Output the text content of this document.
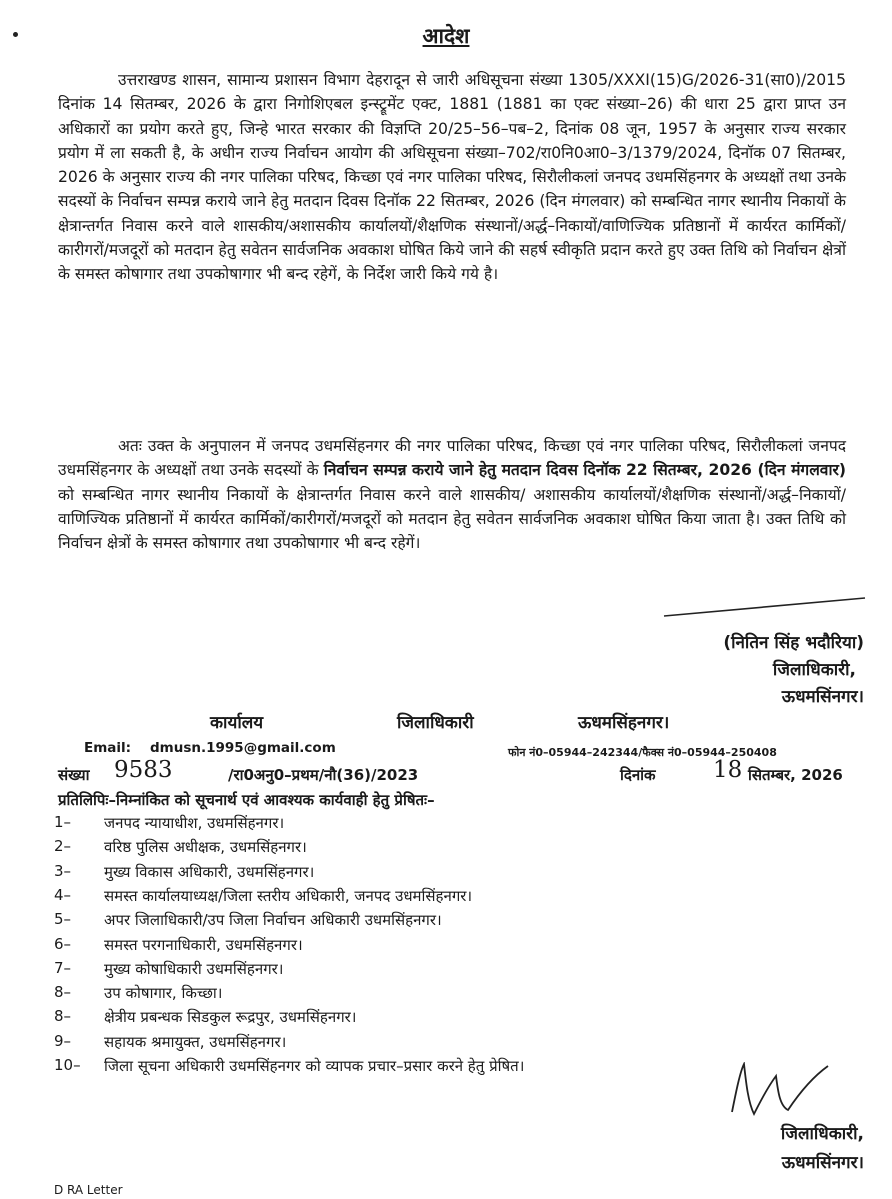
आदेश
उत्तराखण्ड शासन, सामान्य प्रशासन विभाग देहरादून से जारी अधिसूचना संख्या 1305/XXXI(15)G/2026-31(सा0)/2015 दिनांक 14 सितम्बर, 2026 के द्वारा निगोशिएबल इन्स्ट्रूमेंट एक्ट, 1881 (1881 का एक्ट संख्या–26) की धारा 25 द्वारा प्राप्त उन अधिकारों का प्रयोग करते हुए, जिन्हे भारत सरकार की विज्ञप्ति 20/25–56–पब–2, दिनांक 08 जून, 1957 के अनुसार राज्य सरकार प्रयोग में ला सकती है, के अधीन राज्य निर्वाचन आयोग की अधिसूचना संख्या–702/रा0नि0आ0–3/1379/2024, दिनॉक 07 सितम्बर, 2026 के अनुसार राज्य की नगर पालिका परिषद, किच्छा एवं नगर पालिका परिषद, सिरौलीकलां जनपद उधमसिंहनगर के अध्यक्षों तथा उनके सदस्यों के निर्वाचन सम्पन्न कराये जाने हेतु मतदान दिवस दिनॉक 22 सितम्बर, 2026 (दिन मंगलवार) को सम्बन्धित नागर स्थानीय निकायों के क्षेत्रान्तर्गत निवास करने वाले शासकीय/अशासकीय कार्यालयों/शैक्षणिक संस्थानों/अर्द्ध–निकायों/वाणिज्यिक प्रतिष्ठानों में कार्यरत कार्मिकों/कारीगरों/मजदूरों को मतदान हेतु सवेतन सार्वजनिक अवकाश घोषित किये जाने की सहर्ष स्वीकृति प्रदान करते हुए उक्त तिथि को निर्वाचन क्षेत्रों के समस्त कोषागार तथा उपकोषागार भी बन्द रहेगें, के निर्देश जारी किये गये है।
अतः उक्त के अनुपालन में जनपद उधमसिंहनगर की नगर पालिका परिषद, किच्छा एवं नगर पालिका परिषद, सिरौलीकलां जनपद उधमसिंहनगर के अध्यक्षों तथा उनके सदस्यों के निर्वाचन सम्पन्न कराये जाने हेतु मतदान दिवस दिनॉक 22 सितम्बर, 2026 (दिन मंगलवार) को सम्बन्धित नागर स्थानीय निकायों के क्षेत्रान्तर्गत निवास करने वाले शासकीय/ अशासकीय कार्यालयों/शैक्षणिक संस्थानों/अर्द्ध–निकायों/वाणिज्यिक प्रतिष्ठानों में कार्यरत कार्मिकों/कारीगरों/मजदूरों को मतदान हेतु सवेतन सार्वजनिक अवकाश घोषित किया जाता है। उक्त तिथि को निर्वाचन क्षेत्रों के समस्त कोषागार तथा उपकोषागार भी बन्द रहेगें।
(नितिन सिंह भदौरिया)
जिलाधिकारी,
ऊधमसिंनगर।
कार्यालय	जिलाधिकारी	ऊधमसिंहनगर।
Email: dmusn.1995@gmail.com	फोन नं0–05944–242344/फैक्स नं0–05944–250408
संख्या 9583	/रा0अनु0–प्रथम/नौ(36)/2023	दिनांक 18 सितम्बर, 2026
प्रतिलिपिः–निम्नांकित को सूचनार्थ एवं आवश्यक कार्यवाही हेतु प्रेषितः–
1–	जनपद न्यायाधीश, उधमसिंहनगर।
2–	वरिष्ठ पुलिस अधीक्षक, उधमसिंहनगर।
3–	मुख्य विकास अधिकारी, उधमसिंहनगर।
4–	समस्त कार्यालयाध्यक्ष/जिला स्तरीय अधिकारी, जनपद उधमसिंहनगर।
5–	अपर जिलाधिकारी/उप जिला निर्वाचन अधिकारी उधमसिंहनगर।
6–	समस्त परगनाधिकारी, उधमसिंहनगर।
7–	मुख्य कोषाधिकारी उधमसिंहनगर।
8–	उप कोषागार, किच्छा।
8–	क्षेत्रीय प्रबन्धक सिडकुल रूद्रपुर, उधमसिंहनगर।
9–	सहायक श्रमायुक्त, उधमसिंहनगर।
10–	जिला सूचना अधिकारी उधमसिंहनगर को व्यापक प्रचार–प्रसार करने हेतु प्रेषित।
जिलाधिकारी,
ऊधमसिंनगर।
D RA Letter
